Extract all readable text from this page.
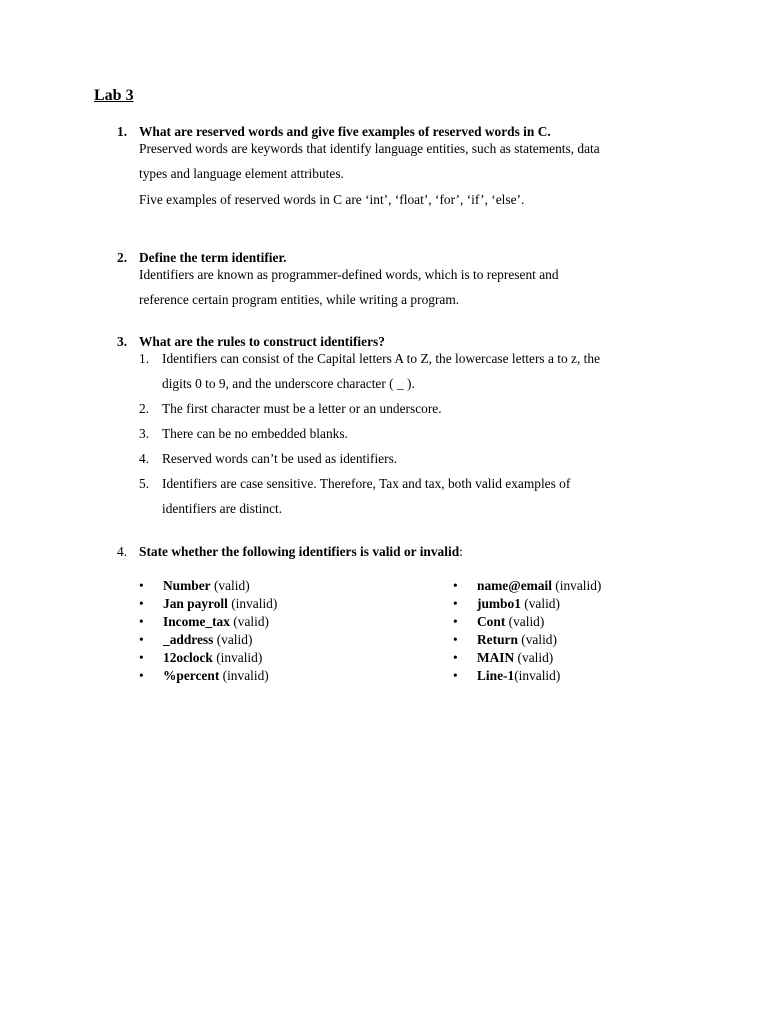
Lab 3
1. What are reserved words and give five examples of reserved words in C.
Preserved words are keywords that identify language entities, such as statements, data
types and language element attributes.
Five examples of reserved words in C are ‘int’, ‘float’, ‘for’, ‘if’, ‘else’.
2. Define the term identifier.
Identifiers are known as programmer-defined words, which is to represent and
reference certain program entities, while writing a program.
3. What are the rules to construct identifiers?
1. Identifiers can consist of the Capital letters A to Z, the lowercase letters a to z, the
digits 0 to 9, and the underscore character ( _ ).
2. The first character must be a letter or an underscore.
3. There can be no embedded blanks.
4. Reserved words can’t be used as identifiers.
5. Identifiers are case sensitive. Therefore, Tax and tax, both valid examples of
identifiers are distinct.
4. State whether the following identifiers is valid or invalid:
• Number (valid)
• Jan payroll (invalid)
• Income_tax (valid)
• _address (valid)
• 12oclock (invalid)
• %percent (invalid)
• name@email (invalid)
• jumbo1 (valid)
• Cont (valid)
• Return (valid)
• MAIN (valid)
• Line-1(invalid)
